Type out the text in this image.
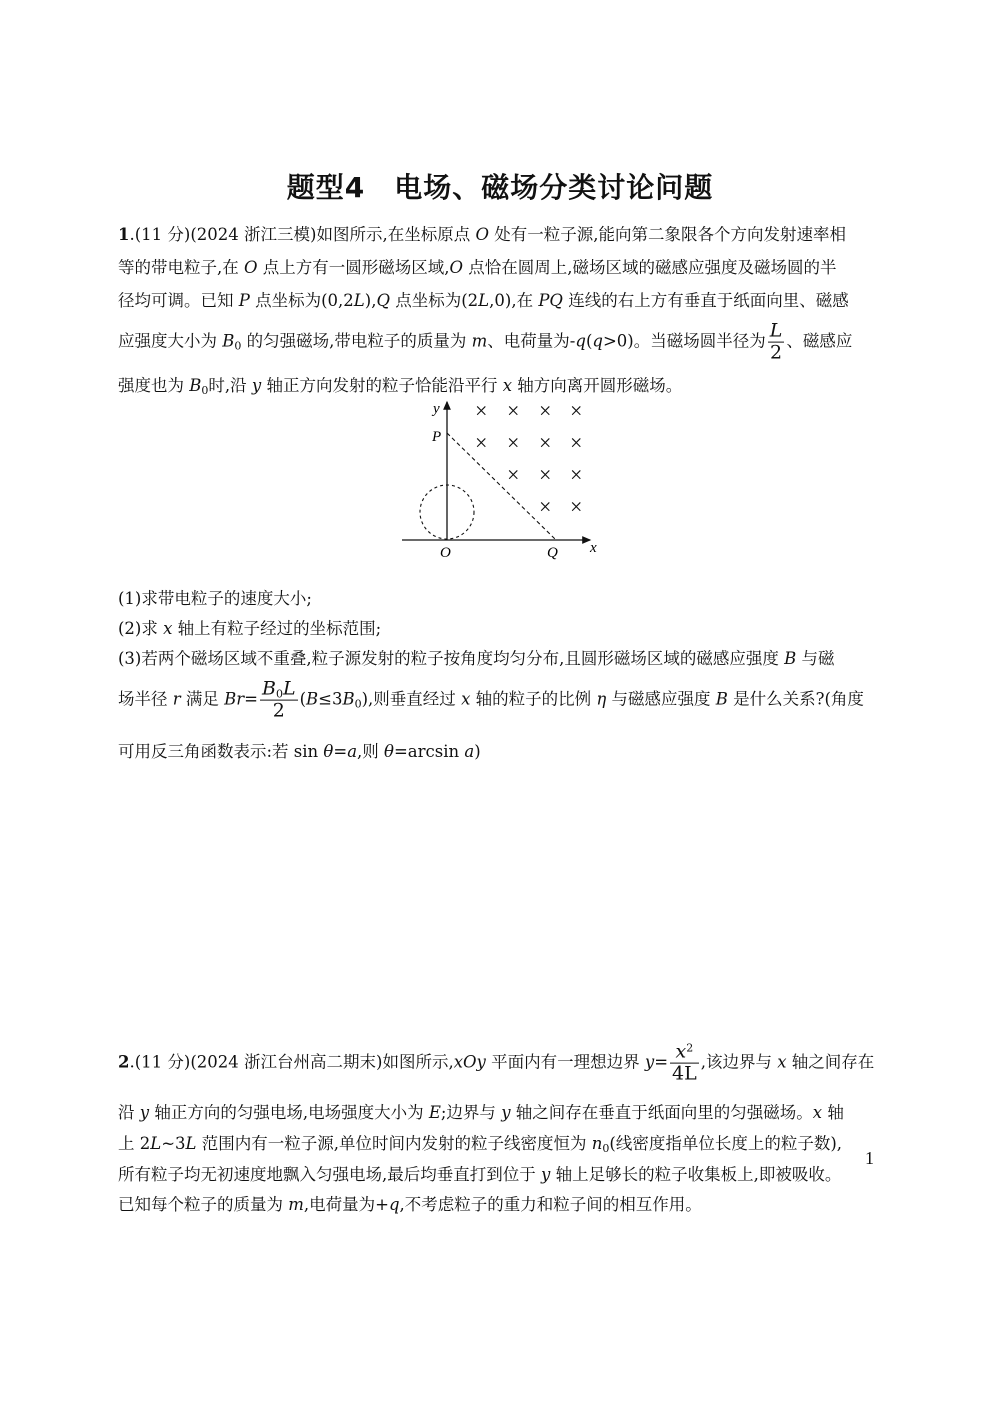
题型4　电场、磁场分类讨论问题
1.(11 分)(2024 浙江三模)如图所示,在坐标原点 O 处有一粒子源,能向第二象限各个方向发射速率相
等的带电粒子,在 O 点上方有一圆形磁场区域,O 点恰在圆周上,磁场区域的磁感应强度及磁场圆的半
径均可调。已知 P 点坐标为(0,2L),Q 点坐标为(2L,0),在 PQ 连线的右上方有垂直于纸面向里、磁感
应强度大小为 $B_0$ 的匀强磁场,带电粒子的质量为 m、电荷量为-q(q>0)。当磁场圆半径为 $\frac{L}{2}$ 、磁感应
强度也为 $B_0$时,沿 y 轴正方向发射的粒子恰能沿平行 x 轴方向离开圆形磁场。
y
P
O	Q x
× × × ×
× × × ×
× × ×
× ×
(1)求带电粒子的速度大小;
(2)求 x 轴上有粒子经过的坐标范围;
(3)若两个磁场区域不重叠,粒子源发射的粒子按角度均匀分布,且圆形磁场区域的磁感应强度 B 与磁
场半径 r 满足 $Br= \frac{B_0L}{2} (B\le 3B_0)$,则垂直经过 x 轴的粒子的比例 η 与磁感应强度 B 是什么关系?(角度
可用反三角函数表示:若 sin θ=a,则 θ=arcsin a)
2.(11 分)(2024 浙江台州高二期末)如图所示,xOy 平面内有一理想边界 $y= \frac{x^2}{4L}$ ,该边界与 x 轴之间存在
沿 y 轴正方向的匀强电场,电场强度大小为 E;边界与 y 轴之间存在垂直于纸面向里的匀强磁场。x 轴
上 2L~3L 范围内有一粒子源,单位时间内发射的粒子线密度恒为 $n_0$(线密度指单位长度上的粒子数),
所有粒子均无初速度地飘入匀强电场,最后均垂直打到位于 y 轴上足够长的粒子收集板上,即被吸收。
已知每个粒子的质量为 m,电荷量为+q,不考虑粒子的重力和粒子间的相互作用。
1
